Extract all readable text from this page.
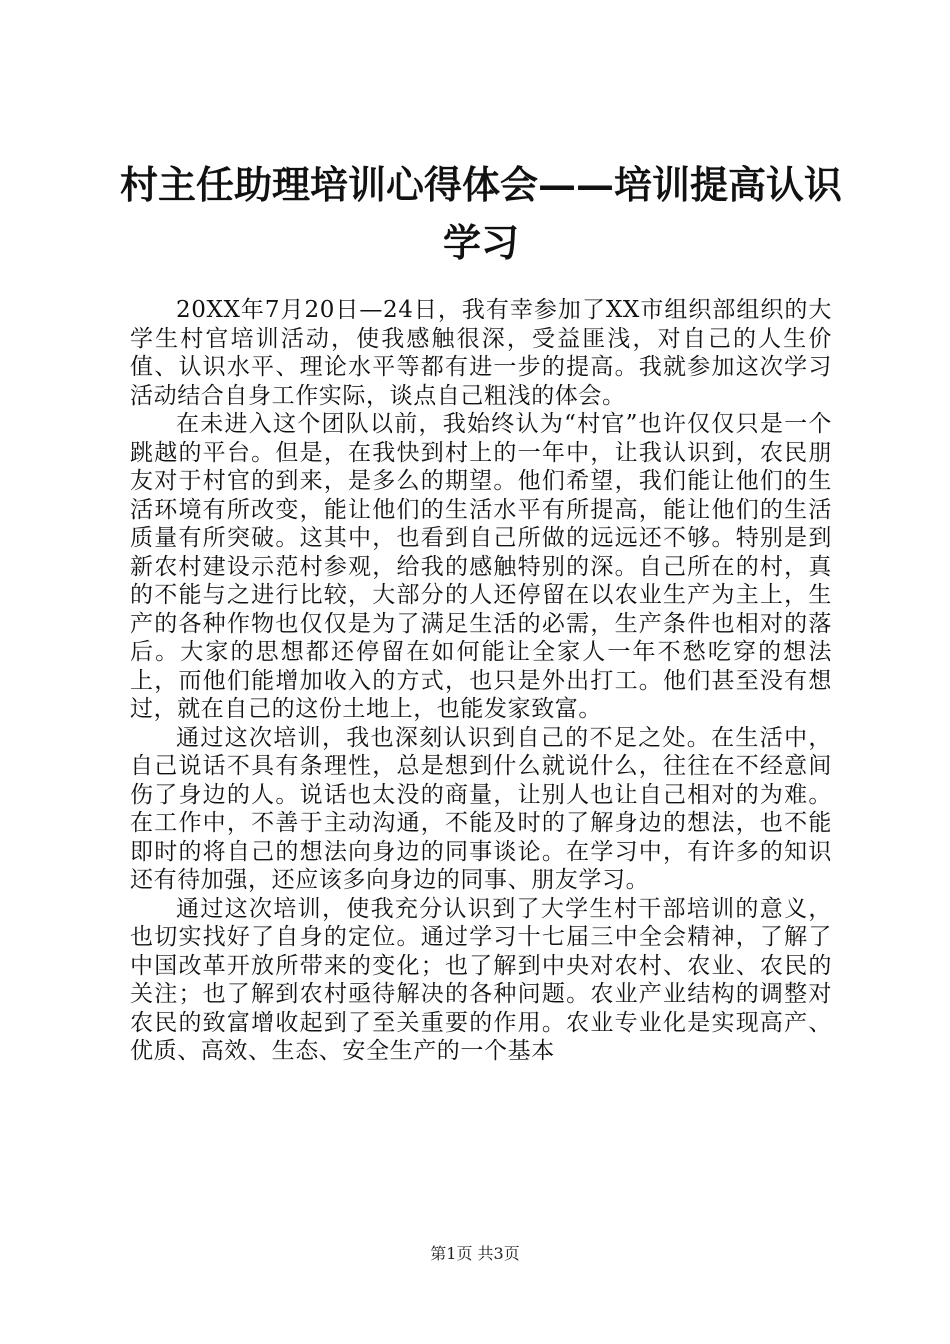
村主任助理培训心得体会——培训提高认识学习

20XX年7月20日—24日，我有幸参加了XX市组织部组织的大学生村官培训活动，使我感触很深，受益匪浅，对自己的人生价值、认识水平、理论水平等都有进一步的提高。我就参加这次学习活动结合自身工作实际，谈点自己粗浅的体会。

在未进入这个团队以前，我始终认为“村官”也许仅仅只是一个跳越的平台。但是，在我快到村上的一年中，让我认识到，农民朋友对于村官的到来，是多么的期望。他们希望，我们能让他们的生活环境有所改变，能让他们的生活水平有所提高，能让他们的生活质量有所突破。这其中，也看到自己所做的远远还不够。特别是到新农村建设示范村参观，给我的感触特别的深。自己所在的村，真的不能与之进行比较，大部分的人还停留在以农业生产为主上，生产的各种作物也仅仅是为了满足生活的必需，生产条件也相对的落后。大家的思想都还停留在如何能让全家人一年不愁吃穿的想法上，而他们能增加收入的方式，也只是外出打工。他们甚至没有想过，就在自己的这份土地上，也能发家致富。

通过这次培训，我也深刻认识到自己的不足之处。在生活中，自己说话不具有条理性，总是想到什么就说什么，往往在不经意间伤了身边的人。说话也太没的商量，让别人也让自己相对的为难。在工作中，不善于主动沟通，不能及时的了解身边的想法，也不能即时的将自己的想法向身边的同事谈论。在学习中，有许多的知识还有待加强，还应该多向身边的同事、朋友学习。

通过这次培训，使我充分认识到了大学生村干部培训的意义，也切实找好了自身的定位。通过学习十七届三中全会精神，了解了中国改革开放所带来的变化；也了解到中央对农村、农业、农民的关注；也了解到农村亟待解决的各种问题。农业产业结构的调整对农民的致富增收起到了至关重要的作用。农业专业化是实现高产、优质、高效、生态、安全生产的一个基本

第1页 共3页
